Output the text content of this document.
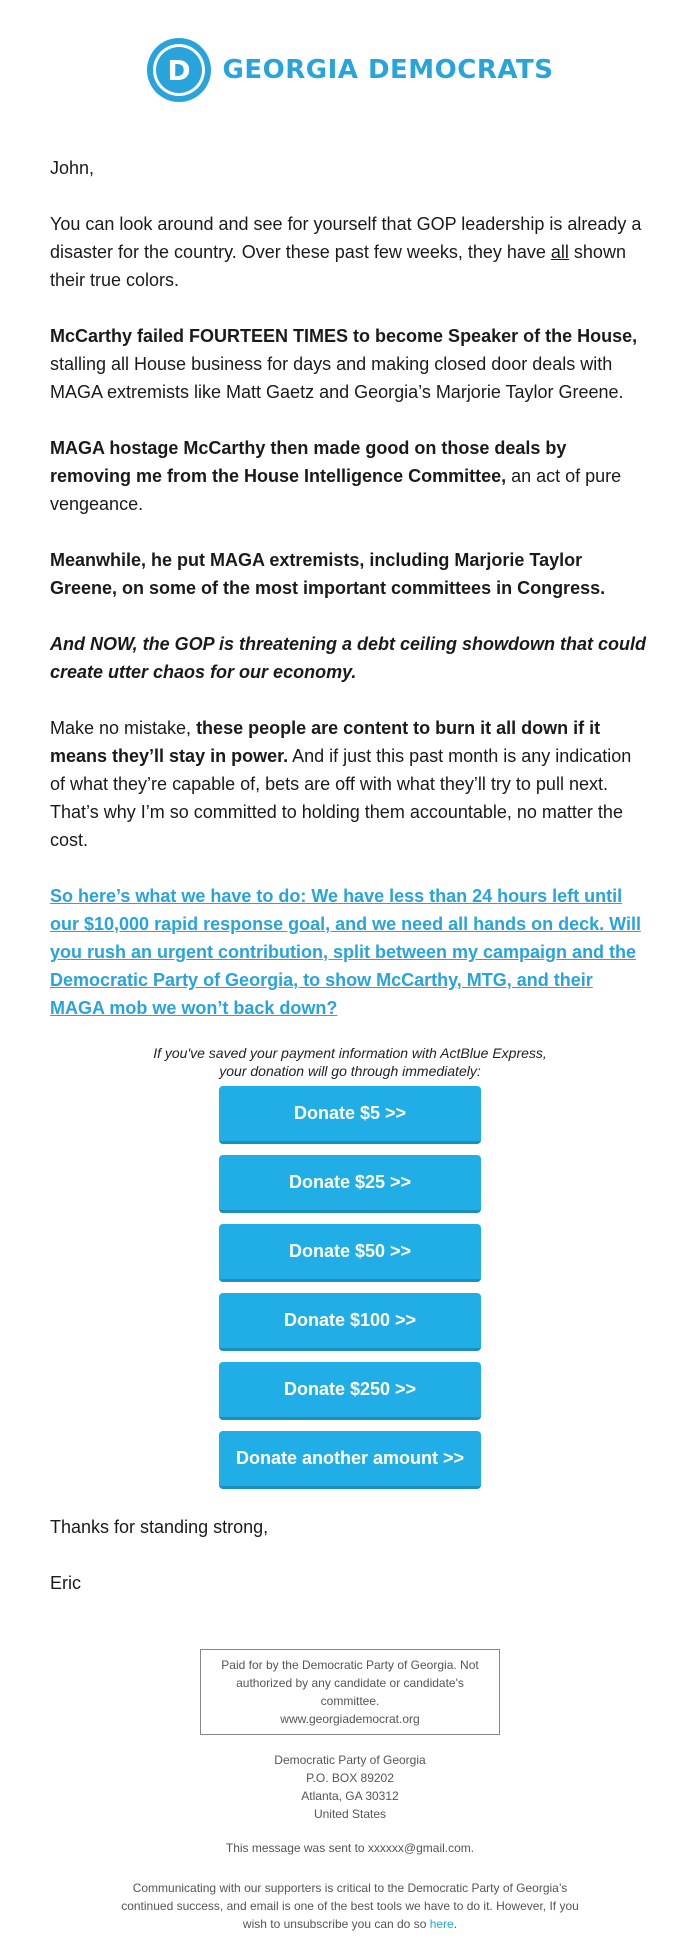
D GEORGIA DEMOCRATS

John,

You can look around and see for yourself that GOP leadership is already a disaster for the country. Over these past few weeks, they have all shown their true colors.

McCarthy failed FOURTEEN TIMES to become Speaker of the House, stalling all House business for days and making closed door deals with MAGA extremists like Matt Gaetz and Georgia’s Marjorie Taylor Greene.

MAGA hostage McCarthy then made good on those deals by removing me from the House Intelligence Committee, an act of pure vengeance.

Meanwhile, he put MAGA extremists, including Marjorie Taylor Greene, on some of the most important committees in Congress.

And NOW, the GOP is threatening a debt ceiling showdown that could create utter chaos for our economy.

Make no mistake, these people are content to burn it all down if it means they’ll stay in power. And if just this past month is any indication of what they’re capable of, bets are off with what they’ll try to pull next. That’s why I’m so committed to holding them accountable, no matter the cost.

So here’s what we have to do: We have less than 24 hours left until our $10,000 rapid response goal, and we need all hands on deck. Will you rush an urgent contribution, split between my campaign and the Democratic Party of Georgia, to show McCarthy, MTG, and their MAGA mob we won’t back down?

If you've saved your payment information with ActBlue Express,
your donation will go through immediately:
Donate $5 >>
Donate $25 >>
Donate $50 >>
Donate $100 >>
Donate $250 >>
Donate another amount >>

Thanks for standing strong,

Eric

Paid for by the Democratic Party of Georgia. Not
authorized by any candidate or candidate's committee.
www.georgiademocrat.org
Democratic Party of Georgia
P.O. BOX 89202
Atlanta, GA 30312
United States
This message was sent to xxxxxx@gmail.com.
Communicating with our supporters is critical to the Democratic Party of Georgia’s continued success, and email is one of the best tools we have to do it. However, If you wish to unsubscribe you can do so here.
